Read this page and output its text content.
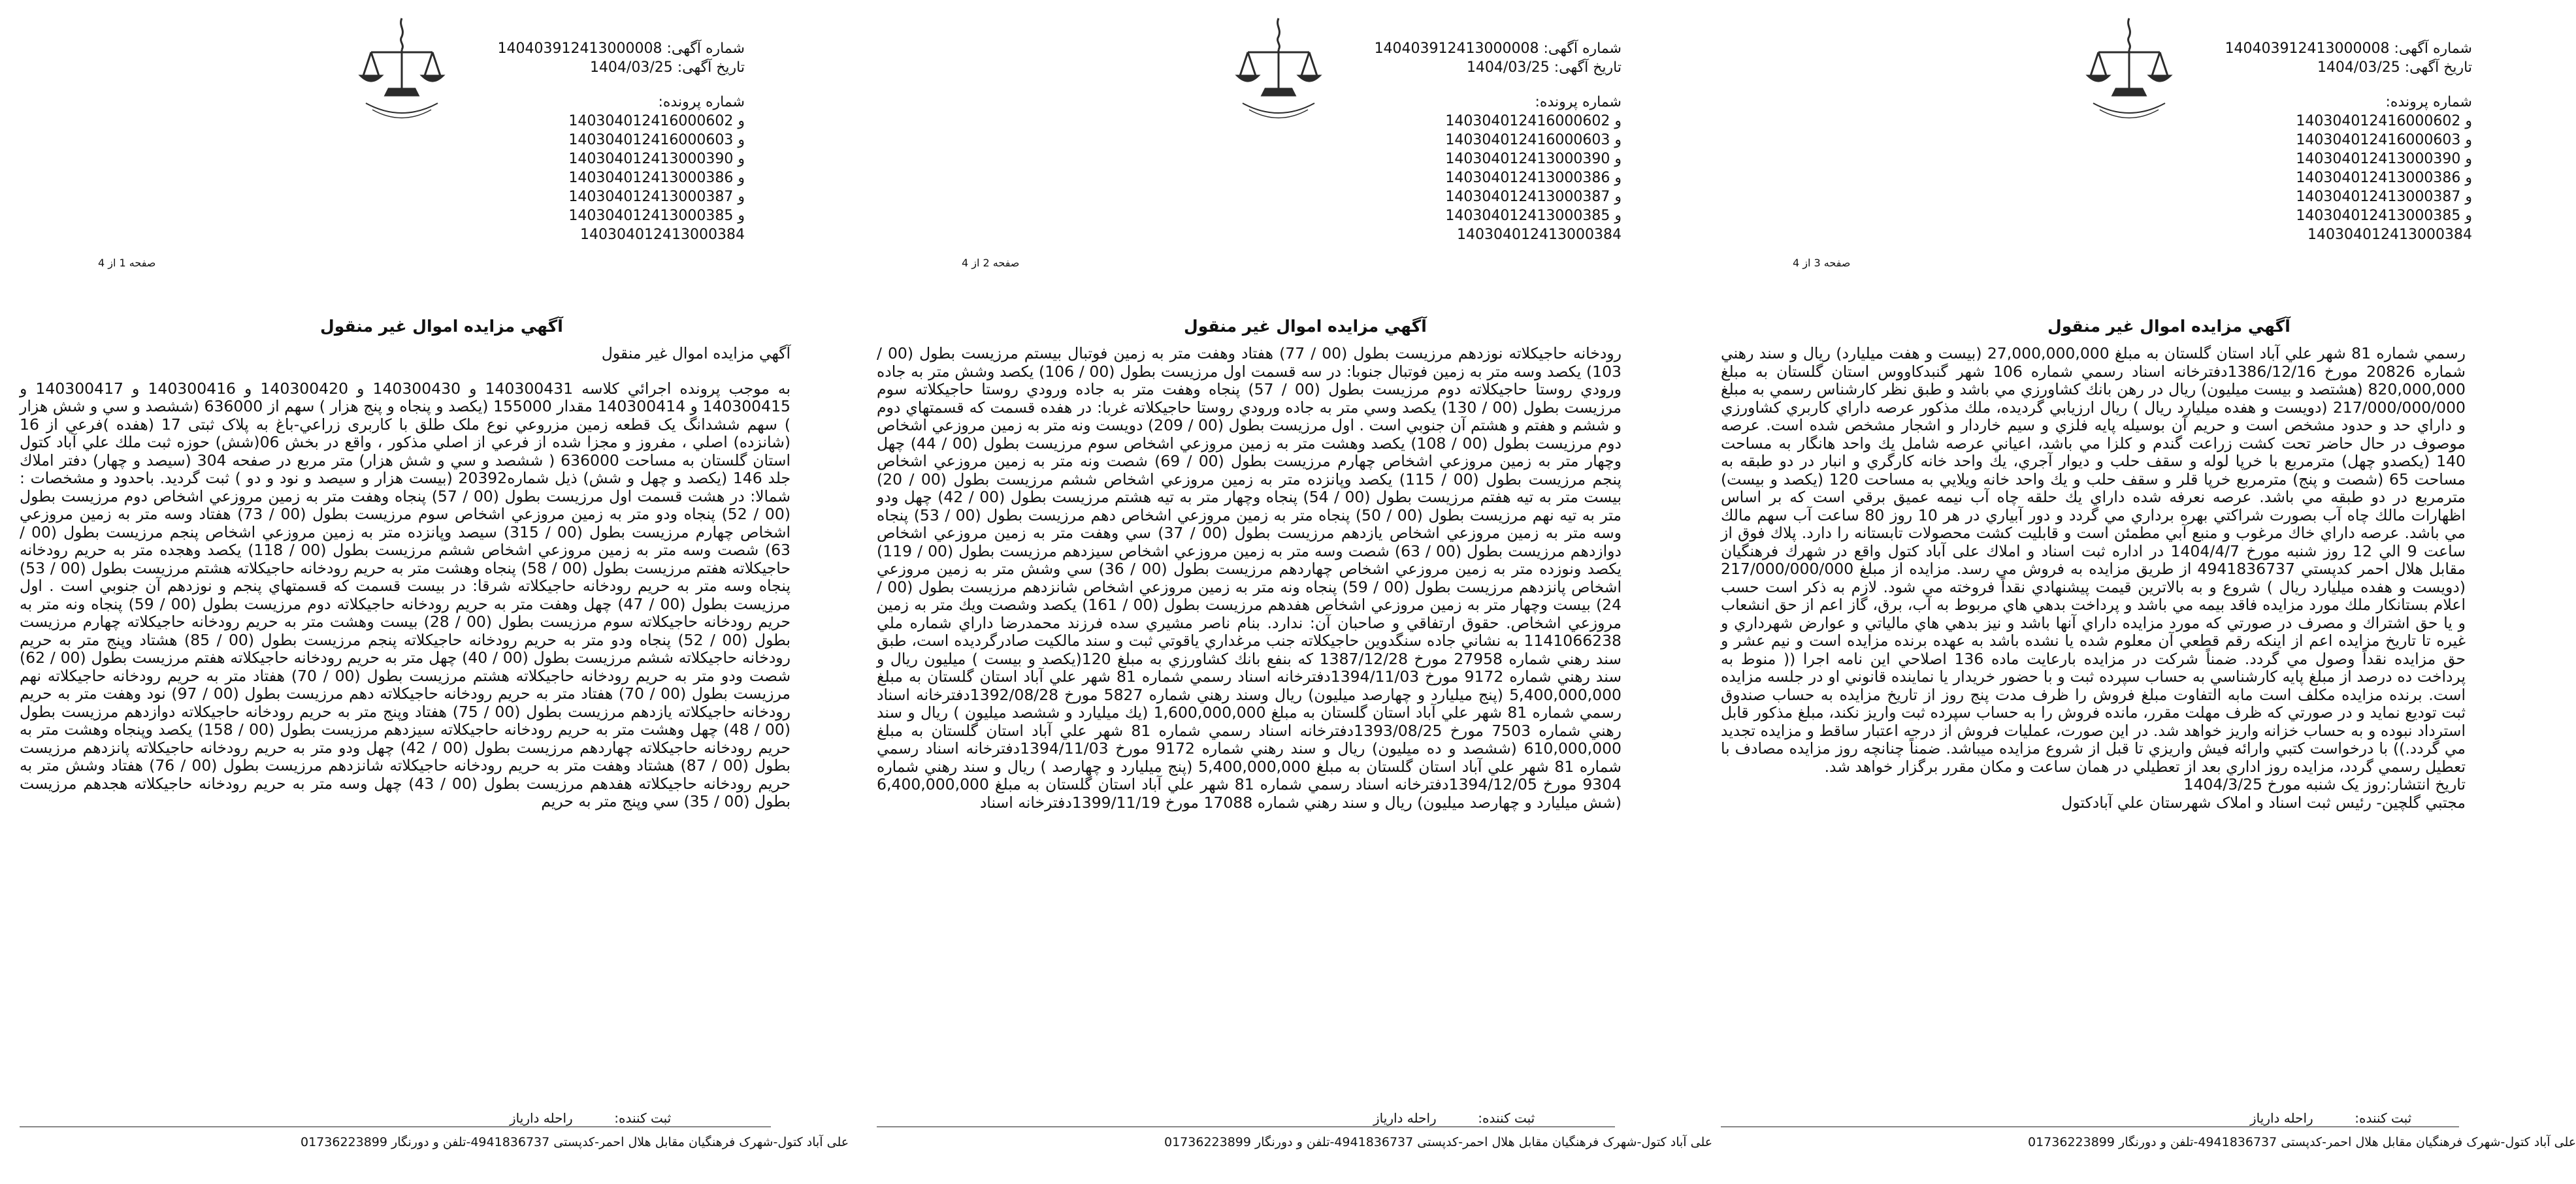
شماره آگهی: 140403912413000008
تاریخ آگهی: 1404/03/25
شماره پرونده:
140304012416000602 و
140304012416000603 و
140304012413000390 و
140304012413000386 و
140304012413000387 و
140304012413000385 و
140304012413000384
صفحه 3 از 4
آگهي مزايده اموال غير منقول

رسمي شماره 81 شهر علي آباد استان گلستان به مبلغ 27,000,000,000 (بيست و هفت ميليارد) ريال و سند رهني شماره 20826 مورخ 1386/12/16دفترخانه اسناد رسمي شماره 106 شهر گنبدكاووس استان گلستان به مبلغ 820,000,000 (هشتصد و بيست ميليون) ريال در رهن بانك كشاورزي مي باشد و طبق نظر كارشناس رسمي به مبلغ 217/000/000/000 (دويست و هفده ميليارد ريال ) ريال ارزيابي گرديده، ملك مذكور عرصه داراي كاربري كشاورزي و داراي حد و حدود مشخص است و حريم آن بوسيله پايه فلزي و سيم خاردار و اشجار مشخص شده است. عرصه موصوف در حال حاضر تحت كشت زراعت گندم و كلزا مي باشد، اعياني عرصه شامل يك واحد هانگار به مساحت 140 (يكصدو چهل) مترمربع با خرپا لوله و سقف حلب و ديوار آجري، يك واحد خانه كارگري و انبار در دو طبقه به مساحت 65 (شصت و پنج) مترمربع خرپا قلر و سقف حلب و يك واحد خانه ويلايي به مساحت 120 (يكصد و بيست) مترمربع در دو طبقه مي باشد. عرصه نعرفه شده داراي يك حلقه چاه آب نيمه عميق برقي است كه بر اساس اظهارات مالك چاه آب بصورت شراكتي بهره برداري مي گردد و دور آبياري در هر 10 روز 80 ساعت آب سهم مالك مي باشد. عرصه داراي خاك مرغوب و منبع آبي مطمئن است و قابليت كشت محصولات تابستانه را دارد. پلاك فوق از ساعت 9 الي 12 روز شنبه مورخ 1404/4/7 در اداره ثبت اسناد و املاك على آباد كتول واقع در شهرك فرهنگيان مقابل هلال احمر كدپستي 4941836737 از طريق مزايده به فروش مي رسد. مزايده از مبلغ 217/000/000/000 (دويست و هفده ميليارد ريال ) شروع و به بالاترين قيمت پيشنهادي نقداً فروخته مي شود. لازم به ذكر است حسب اعلام بستانكار ملك مورد مزايده فاقد بيمه مي باشد و پرداخت بدهي هاي مربوط به آب، برق، گاز اعم از حق انشعاب و يا حق اشتراك و مصرف در صورتي كه مورد مزايده داراي آنها باشد و نيز بدهي هاي مالياتي و عوارض شهرداري و غيره تا تاريخ مزايده اعم از اينكه رقم قطعي آن معلوم شده يا نشده باشد به عهده برنده مزايده است و نيم عشر و حق مزايده نقداً وصول مي گردد. ضمناً شركت در مزايده بارعايت ماده 136 اصلاحي اين نامه اجرا (( منوط به پرداخت ده درصد از مبلغ پايه كارشناسي به حساب سپرده ثبت و با حضور خريدار يا نماينده قانوني او در جلسه مزايده است. برنده مزايده مكلف است مابه التفاوت مبلغ فروش را ظرف مدت پنج روز از تاريخ مزايده به حساب صندوق ثبت توديع نمايد و در صورتي كه ظرف مهلت مقرر، مانده فروش را به حساب سپرده ثبت واريز نكند، مبلغ مذكور قابل استرداد نبوده و به حساب خزانه واريز خواهد شد. در اين صورت، عمليات فروش از درجه اعتبار ساقط و مزايده تجديد مي گردد.)) با درخواست كتبي وارائه فيش واريزي تا قبل از شروع مزايده ميباشد. ضمناً چنانچه روز مزايده مصادف با تعطيل رسمي گردد، مزايده روز اداري بعد از تعطيلي در همان ساعت و مكان مقرر برگزار خواهد شد.

تاريخ انتشار:روز يک شنبه مورخ 1404/3/25

مجتبي گلچين- رئيس ثبت اسناد و املاک شهرستان علي آبادکتول

ثبت کننده:          راحله داریاز
علی آباد کتول-شهرک فرهنگیان مقابل هلال احمر-کدپستی 4941836737-تلفن و دورنگار 01736223899
شماره آگهی: 140403912413000008
تاریخ آگهی: 1404/03/25
شماره پرونده:
140304012416000602 و
140304012416000603 و
140304012413000390 و
140304012413000386 و
140304012413000387 و
140304012413000385 و
140304012413000384
صفحه 2 از 4
آگهي مزايده اموال غير منقول

رودخانه حاجيكلاته نوزدهم مرزيست بطول (00 / 77) هفتاد وهفت متر به زمين فوتبال بيستم مرزيست بطول (00 / 103) يكصد وسه متر به زمين فوتبال جنوبا: در سه قسمت اول مرزيست بطول (00 / 106) يكصد وشش متر به جاده ورودي روستا حاجيكلاته دوم مرزيست بطول (00 / 57) پنجاه وهفت متر به جاده ورودي روستا حاجيكلاته سوم مرزيست بطول (00 / 130) يكصد وسي متر به جاده ورودي روستا حاجيكلاته غربا: در هفده قسمت كه قسمتهاي دوم و ششم و هفتم و هشتم آن جنوبي است . اول مرزيست بطول (00 / 209) دويست ونه متر به زمين مروزعي اشخاص دوم مرزيست بطول (00 / 108) يكصد وهشت متر به زمين مروزعي اشخاص سوم مرزيست بطول (00 / 44) چهل وچهار متر به زمين مروزعي اشخاص چهارم مرزيست بطول (00 / 69) شصت ونه متر به زمين مروزعي اشخاص پنجم مرزيست بطول (00 / 115) يكصد وپانزده متر به زمين مروزعي اشخاص ششم مرزيست بطول (00 / 20) بيست متر به تيه هفتم مرزيست بطول (00 / 54) پنجاه وچهار متر به تيه هشتم مرزيست بطول (00 / 42) چهل ودو متر به تيه نهم مرزيست بطول (00 / 50) پنجاه متر به زمين مروزعي اشخاص دهم مرزيست بطول (00 / 53) پنجاه وسه متر به زمين مروزعي اشخاص يازدهم مرزيست بطول (00 / 37) سي وهفت متر به زمين مروزعي اشخاص دوازدهم مرزيست بطول (00 / 63) شصت وسه متر به زمين مروزعي اشخاص سيزدهم مرزيست بطول (00 / 119) يكصد ونوزده متر به زمين مروزعي اشخاص چهاردهم مرزيست بطول (00 / 36) سي وشش متر به زمين مروزعي اشخاص پانزدهم مرزيست بطول (00 / 59) پنجاه ونه متر به زمين مروزعي اشخاص شانزدهم مرزيست بطول (00 / 24) بيست وچهار متر به زمين مروزعي اشخاص هفدهم مرزيست بطول (00 / 161) يكصد وشصت ويك متر به زمين مروزعي اشخاص. حقوق ارتفاقي و صاحبان آن: ندارد. بنام ناصر مشيري سده فرزند محمدرضا داراي شماره ملي 1141066238 به نشاني جاده سنگدوين حاجيكلاته جنب مرغداري ياقوتي ثبت و سند مالكيت صادرگرديده است، طبق سند رهني شماره 27958 مورخ 1387/12/28 كه بنفع بانك كشاورزي به مبلغ 120(يكصد و بيست ) ميليون ريال و سند رهني شماره 9172 مورخ 1394/11/03دفترخانه اسناد رسمي شماره 81 شهر علي آباد استان گلستان به مبلغ 5,400,000,000 (پنج ميليارد و چهارصد ميليون) ريال وسند رهني شماره 5827 مورخ 1392/08/28دفترخانه اسناد رسمي شماره 81 شهر علي آباد استان گلستان به مبلغ 1,600,000,000 (يك ميليارد و ششصد ميليون ) ريال و سند رهني شماره 7503 مورخ 1393/08/25دفترخانه اسناد رسمي شماره 81 شهر علي آباد استان گلستان به مبلغ 610,000,000 (ششصد و ده ميليون) ريال و سند رهني شماره 9172 مورخ 1394/11/03دفترخانه اسناد رسمي شماره 81 شهر علي آباد استان گلستان به مبلغ 5,400,000,000 (پنج ميليارد و چهارصد ) ريال و سند رهني شماره 9304 مورخ 1394/12/05دفترخانه اسناد رسمي شماره 81 شهر علي آباد استان گلستان به مبلغ 6,400,000,000 (شش ميليارد و چهارصد ميليون) ريال و سند رهني شماره 17088 مورخ 1399/11/19دفترخانه اسناد

ثبت کننده:          راحله داریاز
علی آباد کتول-شهرک فرهنگیان مقابل هلال احمر-کدپستی 4941836737-تلفن و دورنگار 01736223899
شماره آگهی: 140403912413000008
تاریخ آگهی: 1404/03/25
شماره پرونده:
140304012416000602 و
140304012416000603 و
140304012413000390 و
140304012413000386 و
140304012413000387 و
140304012413000385 و
140304012413000384
صفحه 1 از 4
آگهي مزايده اموال غير منقول

آگهي مزايده اموال غير منقول

به موجب پرونده اجرائي كلاسه 140300431 و 140300430 و 140300420 و 140300416 و 140300417 و 140300415 و 140300414 مقدار 155000 (يكصد و پنجاه و پنج هزار ) سهم از 636000 (ششصد و سي و شش هزار ) سهم ششدانگ يک قطعه زمين مزروعي نوع ملک طلق با کاربری زراعي-باغ به پلاک ثبتی 17 (هفده )فرعي از 16 (شانزده) اصلي ، مفروز و مجزا شده از فرعي از اصلي مذكور ، واقع در بخش 06(شش) حوزه ثبت ملك علي آباد كتول استان گلستان به مساحت 636000 ( ششصد و سي و شش هزار) متر مربع در صفحه 304 (سيصد و چهار) دفتر املاك جلد 146 (يكصد و چهل و شش) ذيل شماره20392 (بيست هزار و سيصد و نود و دو ) ثبت گرديد. باحدود و مشخصات : شمالا: در هشت قسمت اول مرزيست بطول (00 / 57) پنجاه وهفت متر به زمين مروزعي اشخاص دوم مرزيست بطول (00 / 52) پنجاه ودو متر به زمين مروزعي اشخاص سوم مرزيست بطول (00 / 73) هفتاد وسه متر به زمين مروزعي اشخاص چهارم مرزيست بطول (00 / 315) سيصد وپانزده متر به زمين مروزعي اشخاص پنجم مرزيست بطول (00 / 63) شصت وسه متر به زمين مروزعي اشخاص ششم مرزيست بطول (00 / 118) يكصد وهجده متر به حريم رودخانه حاجيكلاته هفتم مرزيست بطول (00 / 58) پنجاه وهشت متر به حريم رودخانه حاجيكلاته هشتم مرزيست بطول (00 / 53) پنجاه وسه متر به حريم رودخانه حاجيكلاته شرقا: در بيست قسمت كه قسمتهاي پنجم و نوزدهم آن جنوبي است . اول مرزيست بطول (00 / 47) چهل وهفت متر به حريم رودخانه حاجيكلاته دوم مرزيست بطول (00 / 59) پنجاه ونه متر به حريم رودخانه حاجيكلاته سوم مرزيست بطول (00 / 28) بيست وهشت متر به حريم رودخانه حاجيكلاته چهارم مرزيست بطول (00 / 52) پنجاه ودو متر به حريم رودخانه حاجيكلاته پنجم مرزيست بطول (00 / 85) هشتاد وپنج متر به حريم رودخانه حاجيكلاته ششم مرزيست بطول (00 / 40) چهل متر به حريم رودخانه حاجيكلاته هفتم مرزيست بطول (00 / 62) شصت ودو متر به حريم رودخانه حاجيكلاته هشتم مرزيست بطول (00 / 70) هفتاد متر به حريم رودخانه حاجيكلاته نهم مرزيست بطول (00 / 70) هفتاد متر به حريم رودخانه حاجيكلاته دهم مرزيست بطول (00 / 97) نود وهفت متر به حريم رودخانه حاجيكلاته يازدهم مرزيست بطول (00 / 75) هفتاد وپنج متر به حريم رودخانه حاجيكلاته دوازدهم مرزيست بطول (00 / 48) چهل وهشت متر به حريم رودخانه حاجيكلاته سيزدهم مرزيست بطول (00 / 158) يكصد وپنجاه وهشت متر به حريم رودخانه حاجيكلاته چهاردهم مرزيست بطول (00 / 42) چهل ودو متر به حريم رودخانه حاجيكلاته پانزدهم مرزيست بطول (00 / 87) هشتاد وهفت متر به حريم رودخانه حاجيكلاته شانزدهم مرزيست بطول (00 / 76) هفتاد وشش متر به حريم رودخانه حاجيكلاته هفدهم مرزيست بطول (00 / 43) چهل وسه متر به حريم رودخانه حاجيكلاته هجدهم مرزيست بطول (00 / 35) سي وپنج متر به حريم

ثبت کننده:          راحله داریاز
علی آباد کتول-شهرک فرهنگیان مقابل هلال احمر-کدپستی 4941836737-تلفن و دورنگار 01736223899
